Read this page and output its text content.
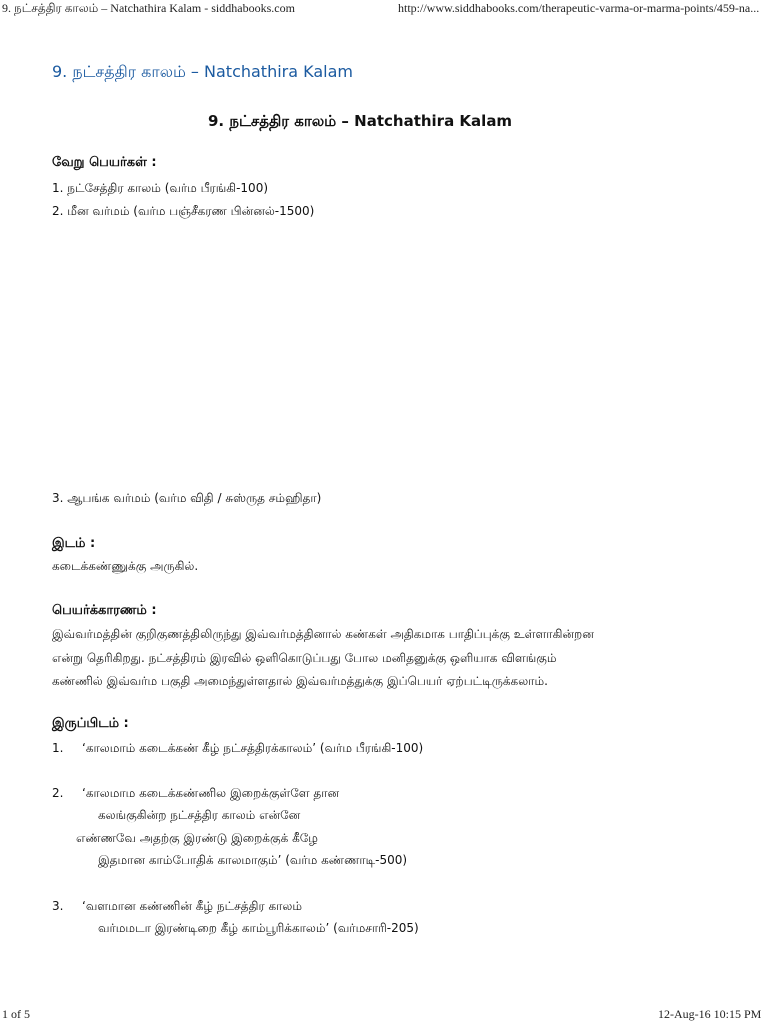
9. நட்சத்திர காலம் – Natchathira Kalam - siddhabooks.com	http://www.siddhabooks.com/therapeutic-varma-or-marma-points/459-na...
9. நட்சத்திர காலம் – Natchathira Kalam
9. நட்சத்திர காலம் – Natchathira Kalam
வேறு பெயர்கள் :
1. நட்சேத்திர காலம் (வர்ம பீரங்கி-100)
2. மீன வர்மம் (வர்ம பஞ்சீகரண பின்னல்-1500)
3. ஆபங்க வர்மம் (வர்ம விதி / சுஸ்ருத சம்ஹிதா)
இடம் :
கடைக்கண்ணுக்கு அருகில்.
பெயர்க்காரணம் :
இவ்வர்மத்தின் குறிகுணத்திலிருந்து இவ்வர்மத்தினால் கண்கள் அதிகமாக பாதிப்புக்கு உள்ளாகின்றன
என்று தெரிகிறது. நட்சத்திரம் இரவில் ஒளிகொடுப்பது போல மனிதனுக்கு ஒளியாக விளங்கும்
கண்ணில் இவ்வர்ம பகுதி அமைந்துள்ளதால் இவ்வர்மத்துக்கு இப்பெயர் ஏற்பட்டிருக்கலாம்.
இருப்பிடம் :
1. ‘காலமாம் கடைக்கண் கீழ் நட்சத்திரக்காலம்’ (வர்ம பீரங்கி-100)
2. ‘காலமாம கடைக்கண்ணில இறைக்குள்ளே தான
கலங்குகின்ற நட்சத்திர காலம் என்னே
எண்ணவே அதற்கு இரண்டு இறைக்குக் கீழே
இதமான காம்போதிக் காலமாகும்’ (வர்ம கண்ணாடி-500)
3. ‘வளமான கண்ணின் கீழ் நட்சத்திர காலம்
வர்மமடா இரண்டிறை கீழ் காம்பூரிக்காலம்’ (வர்மசாரி-205)
1 of 5	12-Aug-16 10:15 PM
